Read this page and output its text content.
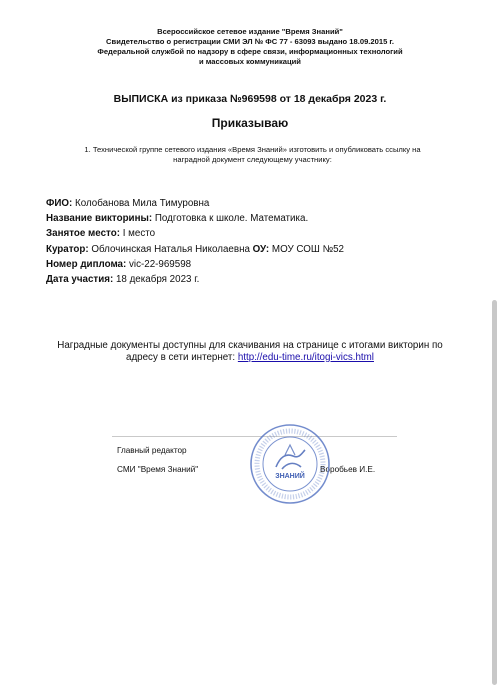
Всероссийское сетевое издание "Время Знаний"
Свидетельство о регистрации СМИ ЭЛ № ФС 77 - 63093 выдано 18.09.2015 г.
Федеральной службой по надзору в сфере связи, информационных технологий
и массовых коммуникаций
ВЫПИСКА из приказа №969598 от 18 декабря 2023 г.
Приказываю
1. Технической группе сетевого издания «Время Знаний» изготовить и опубликовать ссылку на
наградной документ следующему участнику:
ФИО: Колобанова Мила Тимуровна
Название викторины: Подготовка к школе. Математика.
Занятое место: I место
Куратор: Облочинская Наталья Николаевна ОУ: МОУ СОШ №52
Номер диплома: vic-22-969598
Дата участия: 18 декабря 2023 г.
Наградные документы доступны для скачивания на странице с итогами викторин по адресу в сети интернет: http://edu-time.ru/itogi-vics.html
Главный редактор
СМИ "Время Знаний"	Воробьев И.Е.
ЗНАНИЙ
